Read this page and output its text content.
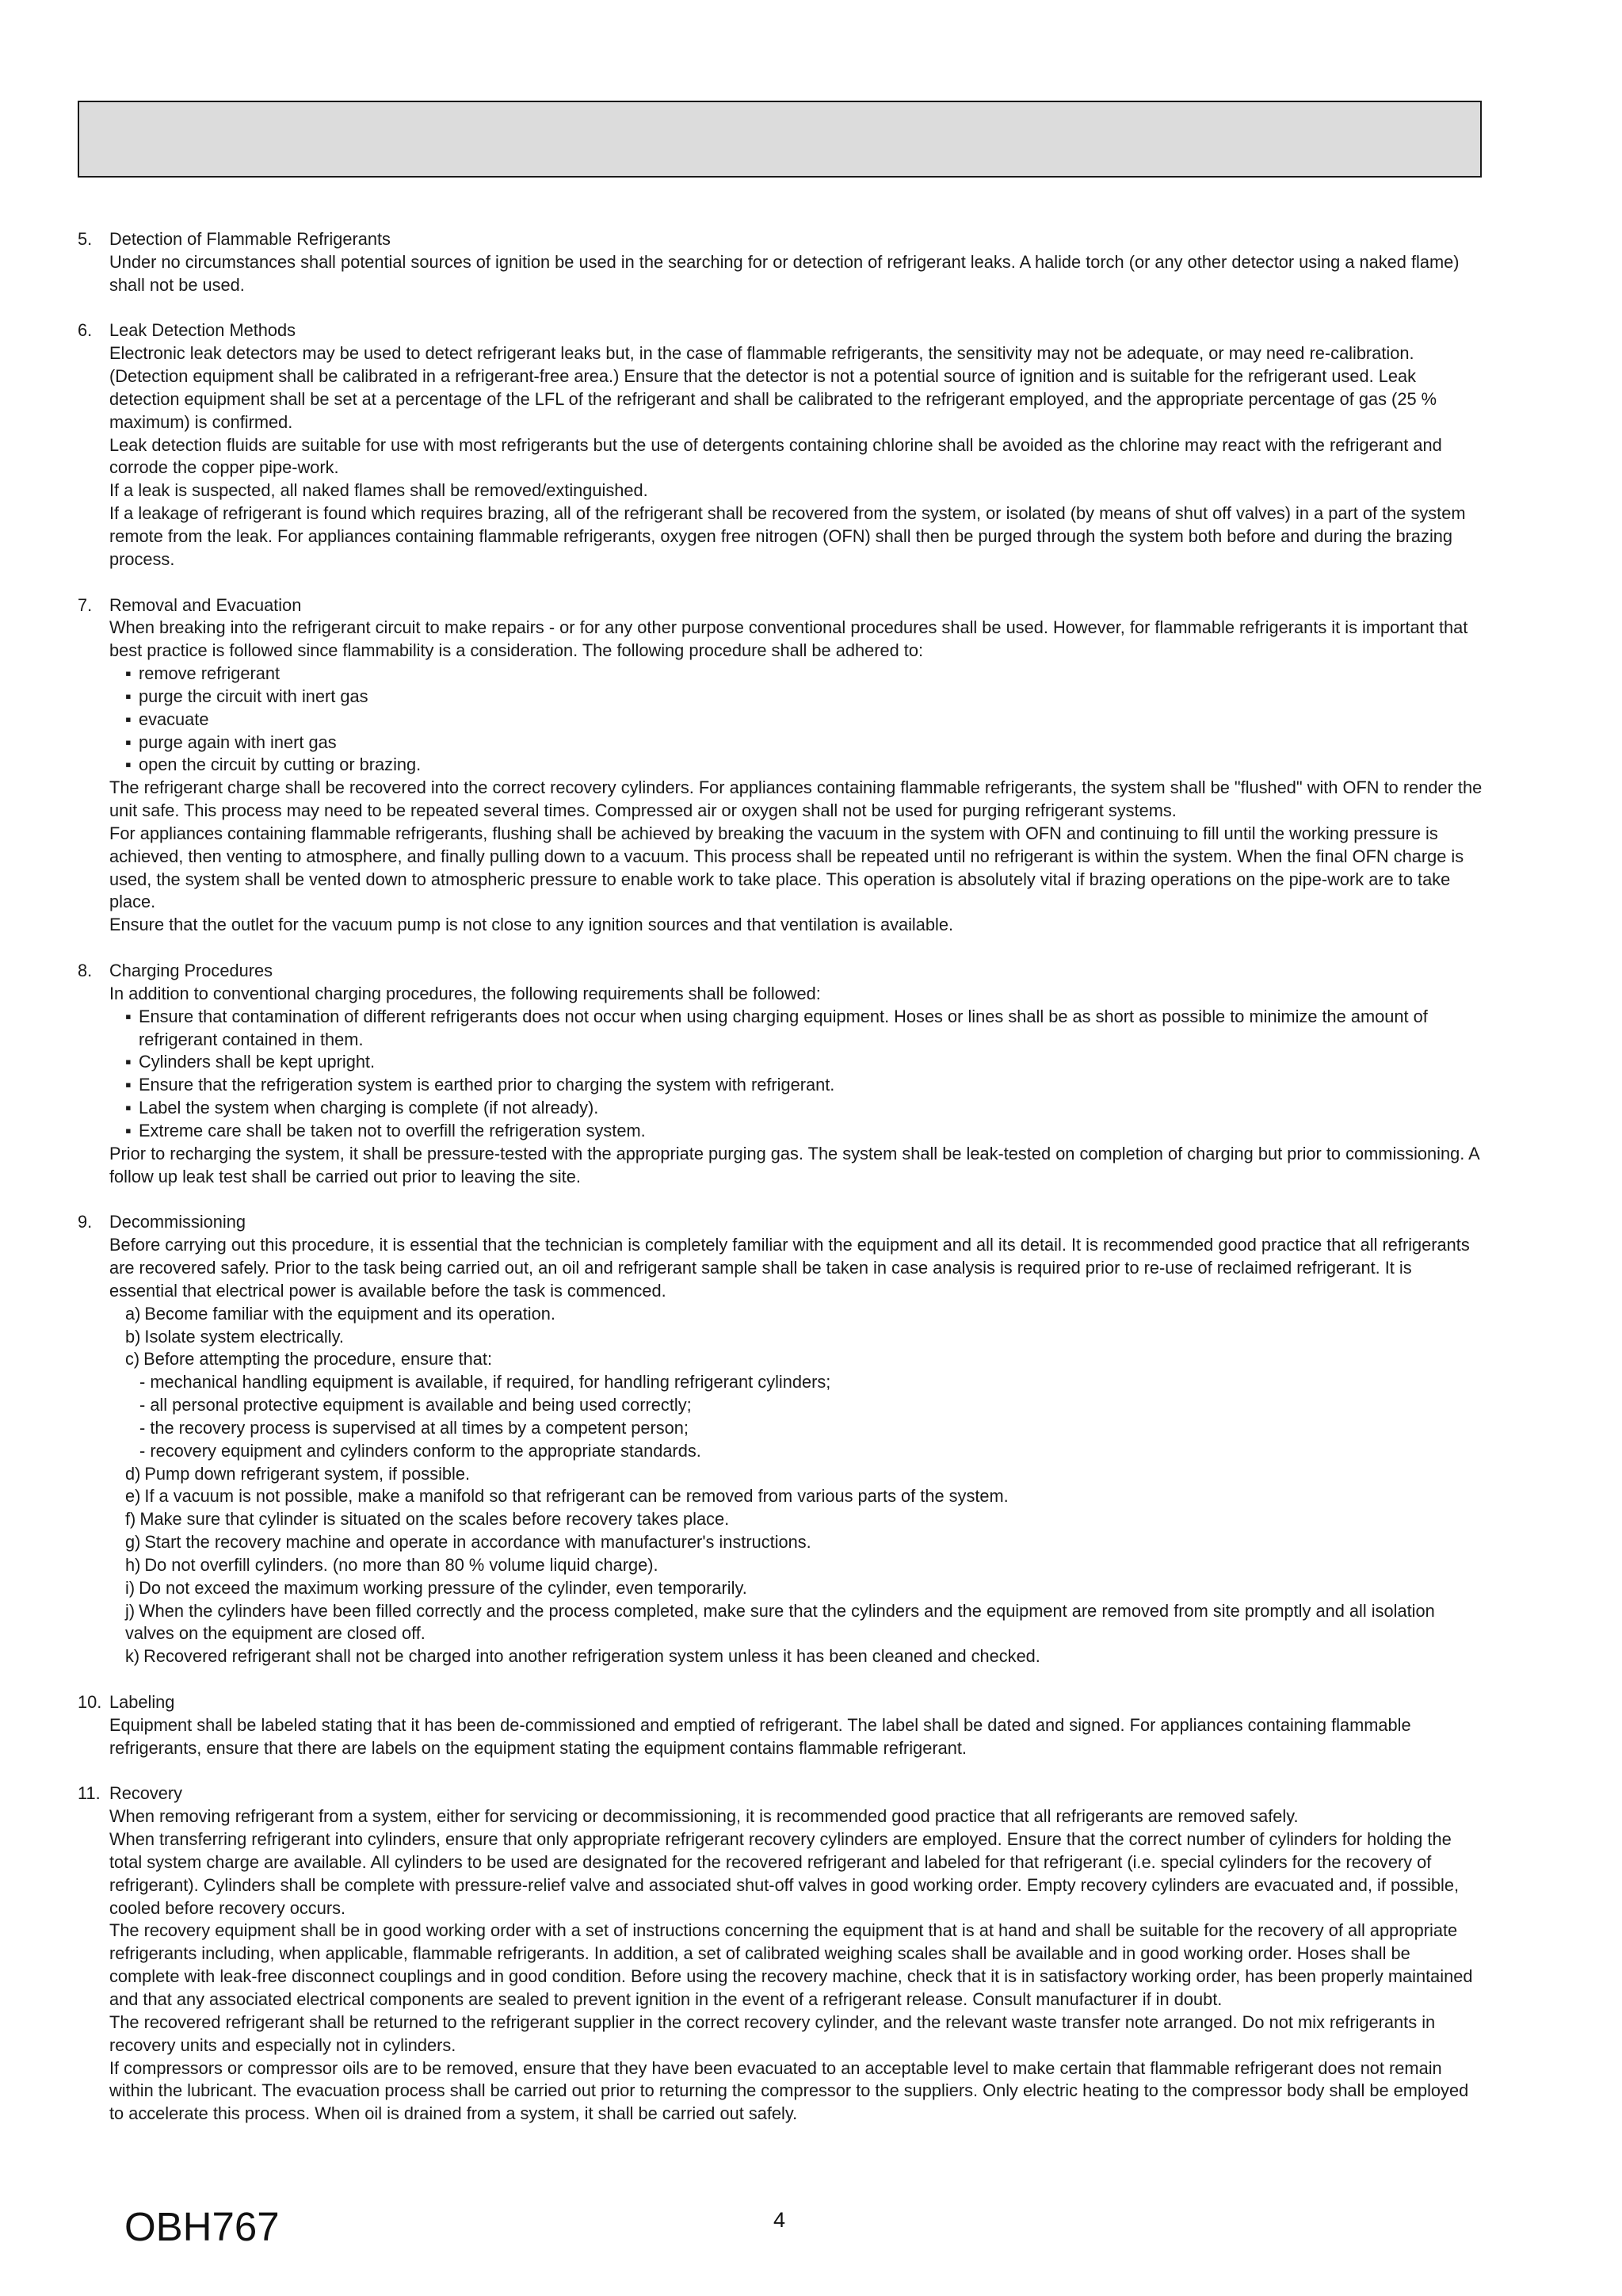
5. Detection of Flammable Refrigerants

Under no circumstances shall potential sources of ignition be used in the searching for or detection of refrigerant leaks. A halide torch (or any other detector using a naked flame) shall not be used.

6. Leak Detection Methods

Electronic leak detectors may be used to detect refrigerant leaks but, in the case of flammable refrigerants, the sensitivity may not be adequate, or may need re-calibration. (Detection equipment shall be calibrated in a refrigerant-free area.) Ensure that the detector is not a potential source of ignition and is suitable for the refrigerant used. Leak detection equipment shall be set at a percentage of the LFL of the refrigerant and shall be calibrated to the refrigerant employed, and the appropriate percentage of gas (25 % maximum) is confirmed.

Leak detection fluids are suitable for use with most refrigerants but the use of detergents containing chlorine shall be avoided as the chlorine may react with the refrigerant and corrode the copper pipe-work.

If a leak is suspected, all naked flames shall be removed/extinguished.

If a leakage of refrigerant is found which requires brazing, all of the refrigerant shall be recovered from the system, or isolated (by means of shut off valves) in a part of the system remote from the leak. For appliances containing flammable refrigerants, oxygen free nitrogen (OFN) shall then be purged through the system both before and during the brazing process.

7. Removal and Evacuation

When breaking into the refrigerant circuit to make repairs - or for any other purpose conventional procedures shall be used. However, for flammable refrigerants it is important that best practice is followed since flammability is a consideration. The following procedure shall be adhered to:

▪ remove refrigerant
▪ purge the circuit with inert gas
▪ evacuate
▪ purge again with inert gas
▪ open the circuit by cutting or brazing.

The refrigerant charge shall be recovered into the correct recovery cylinders. For appliances containing flammable refrigerants, the system shall be "flushed" with OFN to render the unit safe. This process may need to be repeated several times. Compressed air or oxygen shall not be used for purging refrigerant systems.

For appliances containing flammable refrigerants, flushing shall be achieved by breaking the vacuum in the system with OFN and continuing to fill until the working pressure is achieved, then venting to atmosphere, and finally pulling down to a vacuum. This process shall be repeated until no refrigerant is within the system. When the final OFN charge is used, the system shall be vented down to atmospheric pressure to enable work to take place. This operation is absolutely vital if brazing operations on the pipe-work are to take place.

Ensure that the outlet for the vacuum pump is not close to any ignition sources and that ventilation is available.

8. Charging Procedures

In addition to conventional charging procedures, the following requirements shall be followed:

▪ Ensure that contamination of different refrigerants does not occur when using charging equipment. Hoses or lines shall be as short as possible to minimize the amount of refrigerant contained in them.
▪ Cylinders shall be kept upright.
▪ Ensure that the refrigeration system is earthed prior to charging the system with refrigerant.
▪ Label the system when charging is complete (if not already).
▪ Extreme care shall be taken not to overfill the refrigeration system.

Prior to recharging the system, it shall be pressure-tested with the appropriate purging gas. The system shall be leak-tested on completion of charging but prior to commissioning. A follow up leak test shall be carried out prior to leaving the site.

9. Decommissioning

Before carrying out this procedure, it is essential that the technician is completely familiar with the equipment and all its detail. It is recommended good practice that all refrigerants are recovered safely. Prior to the task being carried out, an oil and refrigerant sample shall be taken in case analysis is required prior to re-use of reclaimed refrigerant. It is essential that electrical power is available before the task is commenced.

a) Become familiar with the equipment and its operation.
b) Isolate system electrically.
c) Before attempting the procedure, ensure that:
- mechanical handling equipment is available, if required, for handling refrigerant cylinders;
- all personal protective equipment is available and being used correctly;
- the recovery process is supervised at all times by a competent person;
- recovery equipment and cylinders conform to the appropriate standards.
d) Pump down refrigerant system, if possible.
e) If a vacuum is not possible, make a manifold so that refrigerant can be removed from various parts of the system.
f) Make sure that cylinder is situated on the scales before recovery takes place.
g) Start the recovery machine and operate in accordance with manufacturer's instructions.
h) Do not overfill cylinders. (no more than 80 % volume liquid charge).
i) Do not exceed the maximum working pressure of the cylinder, even temporarily.
j) When the cylinders have been filled correctly and the process completed, make sure that the cylinders and the equipment are removed from site promptly and all isolation valves on the equipment are closed off.
k) Recovered refrigerant shall not be charged into another refrigeration system unless it has been cleaned and checked.
10. Labeling

Equipment shall be labeled stating that it has been de-commissioned and emptied of refrigerant. The label shall be dated and signed. For appliances containing flammable refrigerants, ensure that there are labels on the equipment stating the equipment contains flammable refrigerant.

11. Recovery

When removing refrigerant from a system, either for servicing or decommissioning, it is recommended good practice that all refrigerants are removed safely.

When transferring refrigerant into cylinders, ensure that only appropriate refrigerant recovery cylinders are employed. Ensure that the correct number of cylinders for holding the total system charge are available. All cylinders to be used are designated for the recovered refrigerant and labeled for that refrigerant (i.e. special cylinders for the recovery of refrigerant). Cylinders shall be complete with pressure-relief valve and associated shut-off valves in good working order. Empty recovery cylinders are evacuated and, if possible, cooled before recovery occurs.

The recovery equipment shall be in good working order with a set of instructions concerning the equipment that is at hand and shall be suitable for the recovery of all appropriate refrigerants including, when applicable, flammable refrigerants. In addition, a set of calibrated weighing scales shall be available and in good working order. Hoses shall be complete with leak-free disconnect couplings and in good condition. Before using the recovery machine, check that it is in satisfactory working order, has been properly maintained and that any associated electrical components are sealed to prevent ignition in the event of a refrigerant release. Consult manufacturer if in doubt.

The recovered refrigerant shall be returned to the refrigerant supplier in the correct recovery cylinder, and the relevant waste transfer note arranged. Do not mix refrigerants in recovery units and especially not in cylinders.

If compressors or compressor oils are to be removed, ensure that they have been evacuated to an acceptable level to make certain that flammable refrigerant does not remain within the lubricant. The evacuation process shall be carried out prior to returning the compressor to the suppliers. Only electric heating to the compressor body shall be employed to accelerate this process. When oil is drained from a system, it shall be carried out safely.

OBH767	4
